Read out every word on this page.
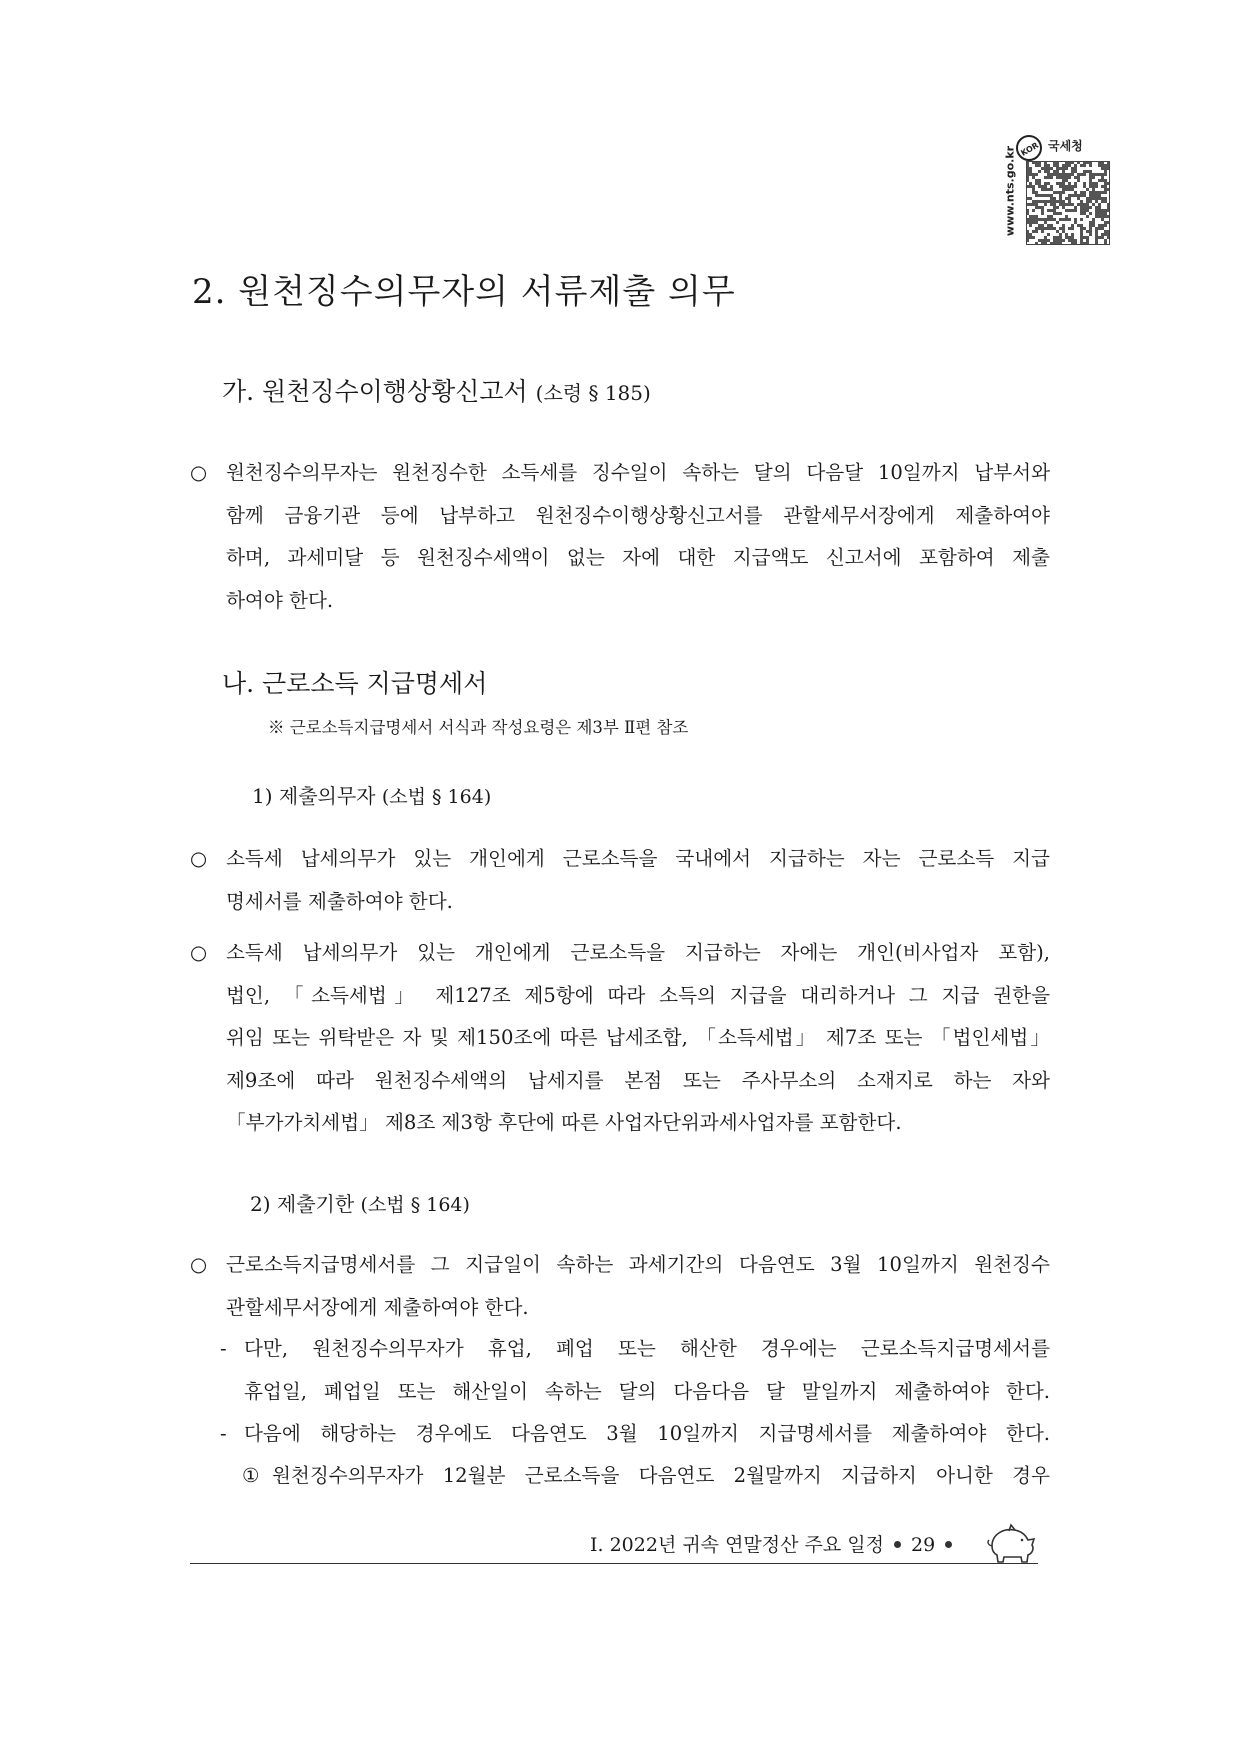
www.nts.go.kr KOR 국세청
2. 원천징수의무자의 서류제출 의무
가. 원천징수이행상황신고서 (소령 § 185)
○ 원천징수의무자는 원천징수한 소득세를 징수일이 속하는 달의 다음달 10일까지 납부서와
함께 금융기관 등에 납부하고 원천징수이행상황신고서를 관할세무서장에게 제출하여야
하며, 과세미달 등 원천징수세액이 없는 자에 대한 지급액도 신고서에 포함하여 제출
하여야 한다.
나. 근로소득 지급명세서
※ 근로소득지급명세서 서식과 작성요령은 제3부 Ⅱ편 참조
1) 제출의무자 (소법 § 164)
○ 소득세 납세의무가 있는 개인에게 근로소득을 국내에서 지급하는 자는 근로소득 지급
명세서를 제출하여야 한다.
○ 소득세 납세의무가 있는 개인에게 근로소득을 지급하는 자에는 개인(비사업자 포함),
법인, 「소득세법」 제127조 제5항에 따라 소득의 지급을 대리하거나 그 지급 권한을
위임 또는 위탁받은 자 및 제150조에 따른 납세조합, 「소득세법」 제7조 또는 「법인세법」
제9조에 따라 원천징수세액의 납세지를 본점 또는 주사무소의 소재지로 하는 자와
「부가가치세법」 제8조 제3항 후단에 따른 사업자단위과세사업자를 포함한다.
2) 제출기한 (소법 § 164)
○ 근로소득지급명세서를 그 지급일이 속하는 과세기간의 다음연도 3월 10일까지 원천징수
관할세무서장에게 제출하여야 한다.
- 다만, 원천징수의무자가 휴업, 폐업 또는 해산한 경우에는 근로소득지급명세서를
휴업일, 폐업일 또는 해산일이 속하는 달의 다음다음 달 말일까지 제출하여야 한다.
- 다음에 해당하는 경우에도 다음연도 3월 10일까지 지급명세서를 제출하여야 한다.
① 원천징수의무자가 12월분 근로소득을 다음연도 2월말까지 지급하지 아니한 경우
Ⅰ. 2022년 귀속 연말정산 주요 일정 29
